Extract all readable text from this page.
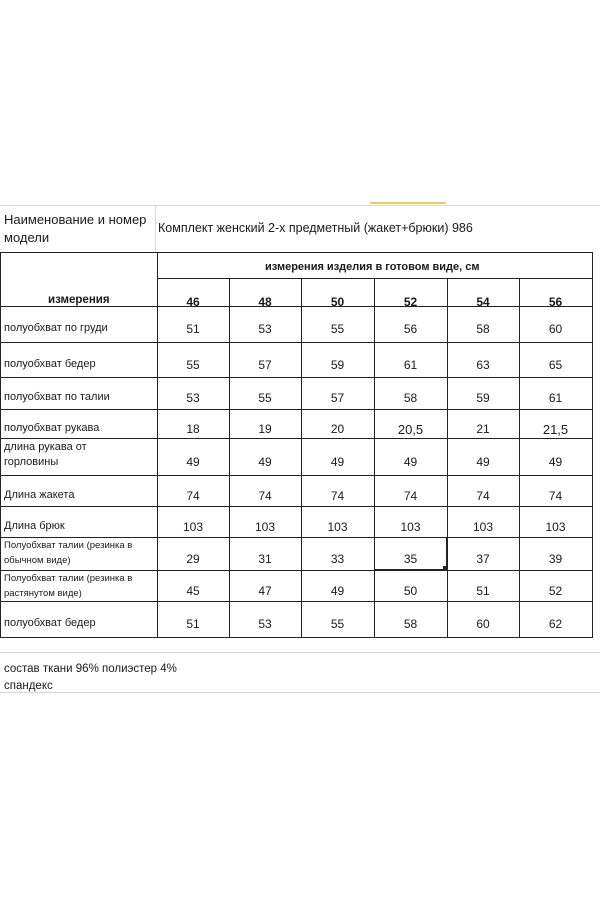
Наименование и номер
модели
Комплект женский 2-х предметный (жакет+брюки) 986
измерения изделия в готовом виде, см
измерения
состав ткани 96% полиэстер 4%
спандекс
46	48	50	52	54	56
полуобхват по груди	51	53	55	56	58	60
полуобхват бедер	55	57	59	61	63	65
полуобхват по талии	53	55	57	58	59	61
полуобхват рукава	18	19	20	20,5	21	21,5
длина рукава от
горловины	49	49	49	49	49	49
Длина жакета	74	74	74	74	74	74
Длина брюк	103	103	103	103	103	103
Полуобхват талии (резинка в
обычном виде)	29	31	33	35	37	39
Полуобхват талии (резинка в
растянутом виде)	45	47	49	50	51	52
полуобхват бедер	51	53	55	58	60	62
